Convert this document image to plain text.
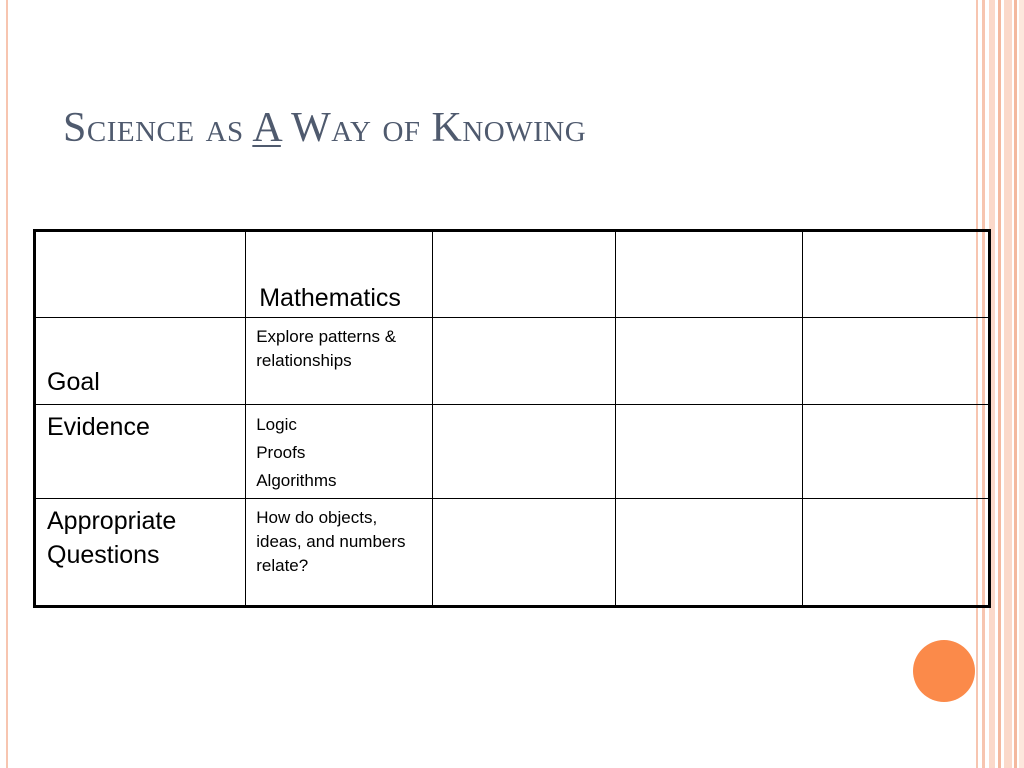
Science as A Way of Knowing

	Mathematics			

Goal	Explore patterns & relationships			

Evidence	Logic
Proofs
Algorithms			

Appropriate Questions	How do objects, ideas, and numbers relate?			
